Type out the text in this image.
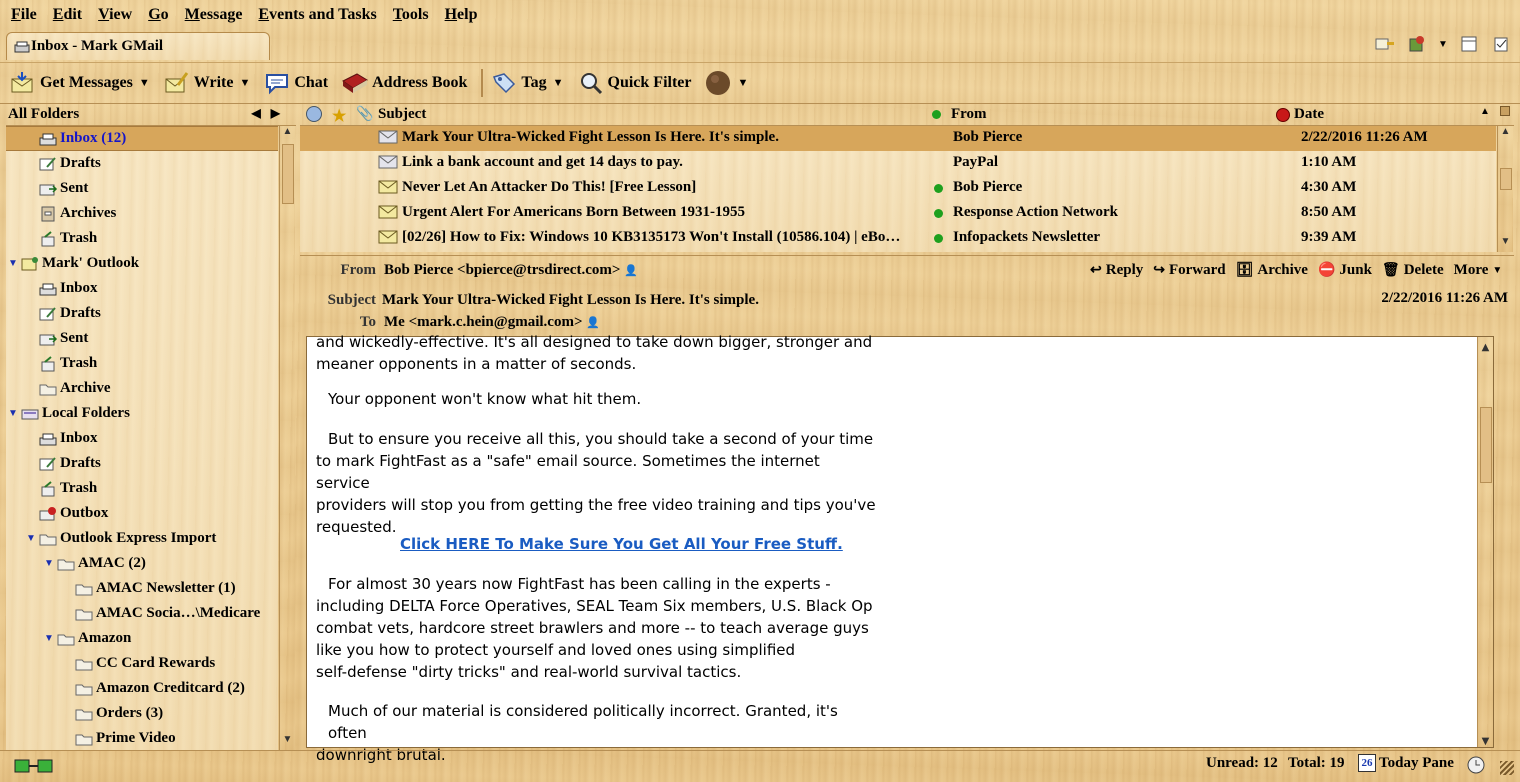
File Edit View Go Message Events and Tasks Tools Help
Inbox - Mark GMail	▼
Get Messages ▼	Write ▼	Chat	Address Book	Tag ▼	Quick Filter	▼
All Folders	◀▶
Inbox (12)
Drafts
Sent
Archives
Trash
▼ Mark' Outlook
Inbox
Drafts
Sent
Trash
Archive
▼ Local Folders
Inbox
Drafts
Trash
Outbox
▼ Outlook Express Import
▼ AMAC (2)
AMAC Newsletter (1)
AMAC Socia…\Medicare
▼ Amazon
CC Card Rewards
Amazon Creditcard (2)
Orders (3)
Prime Video
▲
▼
★ 📎 Subject	From	Date	▲
Mark Your Ultra-Wicked Fight Lesson Is Here. It's simple.	Bob Pierce	2/22/2016 11:26 AM
Link a bank account and get 14 days to pay.	PayPal	1:10 AM
Never Let An Attacker Do This! [Free Lesson]	Bob Pierce	4:30 AM
Urgent Alert For Americans Born Between 1931-1955	Response Action Network	8:50 AM
[02/26] How to Fix: Windows 10 KB3135173 Won't Install (10586.104) | eBo…	Infopackets Newsletter	9:39 AM
▲
▼
From Bob Pierce <bpierce@trsdirect.com> 👤	↩ Reply ↪ Forward 🗄 Archive ⛔ Junk 🗑 Delete More ▼
Subject Mark Your Ultra-Wicked Fight Lesson Is Here. It's simple.	2/22/2016 11:26 AM
To Me <mark.c.hein@gmail.com> 👤
and wickedly-effective. It's all designed to take down bigger, stronger and
meaner opponents in a matter of seconds.
Your opponent won't know what hit them.
But to ensure you receive all this, you should take a second of your time
to mark FightFast as a "safe" email source. Sometimes the internet service
providers will stop you from getting the free video training and tips you've
requested.
Click HERE To Make Sure You Get All Your Free Stuff.
For almost 30 years now FightFast has been calling in the experts -
including DELTA Force Operatives, SEAL Team Six members, U.S. Black Op
combat vets, hardcore street brawlers and more -- to teach average guys
like you how to protect yourself and loved ones using simplified
self-defense "dirty tricks" and real-world survival tactics.
Much of our material is considered politically incorrect. Granted, it's often
downright brutal.
▲
▼
Unread: 12 Total: 19	26 Today Pane
